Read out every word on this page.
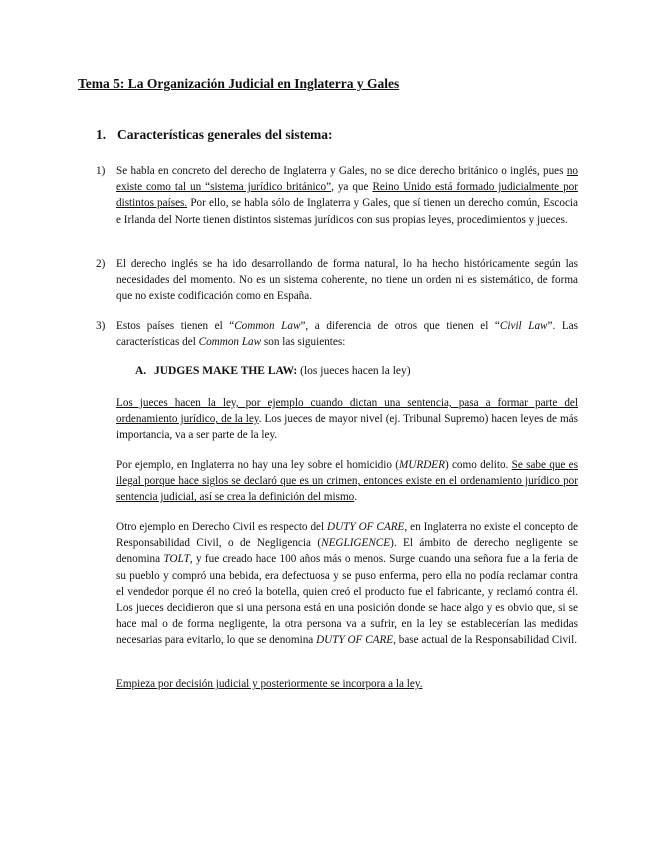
Tema 5: La Organización Judicial en Inglaterra y Gales
1. Características generales del sistema:
1) Se habla en concreto del derecho de Inglaterra y Gales, no se dice derecho británico o inglés, pues no existe como tal un “sistema jurídico británico”, ya que Reino Unido está formado judicialmente por distintos países. Por ello, se habla sólo de Inglaterra y Gales, que sí tienen un derecho común, Escocia e Irlanda del Norte tienen distintos sistemas jurídicos con sus propias leyes, procedimientos y jueces.
2) El derecho inglés se ha ido desarrollando de forma natural, lo ha hecho históricamente según las necesidades del momento. No es un sistema coherente, no tiene un orden ni es sistemático, de forma que no existe codificación como en España.
3) Estos países tienen el “Common Law”, a diferencia de otros que tienen el “Civil Law”. Las características del Common Law son las siguientes:
A. JUDGES MAKE THE LAW: (los jueces hacen la ley)
Los jueces hacen la ley, por ejemplo cuando dictan una sentencia, pasa a formar parte del ordenamiento jurídico, de la ley. Los jueces de mayor nivel (ej. Tribunal Supremo) hacen leyes de más importancia, va a ser parte de la ley.
Por ejemplo, en Inglaterra no hay una ley sobre el homicidio (MURDER) como delito. Se sabe que es ilegal porque hace siglos se declaró que es un crimen, entonces existe en el ordenamiento jurídico por sentencia judicial, así se crea la definición del mismo.
Otro ejemplo en Derecho Civil es respecto del DUTY OF CARE, en Inglaterra no existe el concepto de Responsabilidad Civil, o de Negligencia (NEGLIGENCE). El ámbito de derecho negligente se denomina TOLT, y fue creado hace 100 años más o menos. Surge cuando una señora fue a la feria de su pueblo y compró una bebida, era defectuosa y se puso enferma, pero ella no podía reclamar contra el vendedor porque él no creó la botella, quien creó el producto fue el fabricante, y reclamó contra él. Los jueces decidieron que si una persona está en una posición donde se hace algo y es obvio que, si se hace mal o de forma negligente, la otra persona va a sufrir, en la ley se establecerían las medidas necesarias para evitarlo, lo que se denomina DUTY OF CARE, base actual de la Responsabilidad Civil.
Empieza por decisión judicial y posteriormente se incorpora a la ley.
